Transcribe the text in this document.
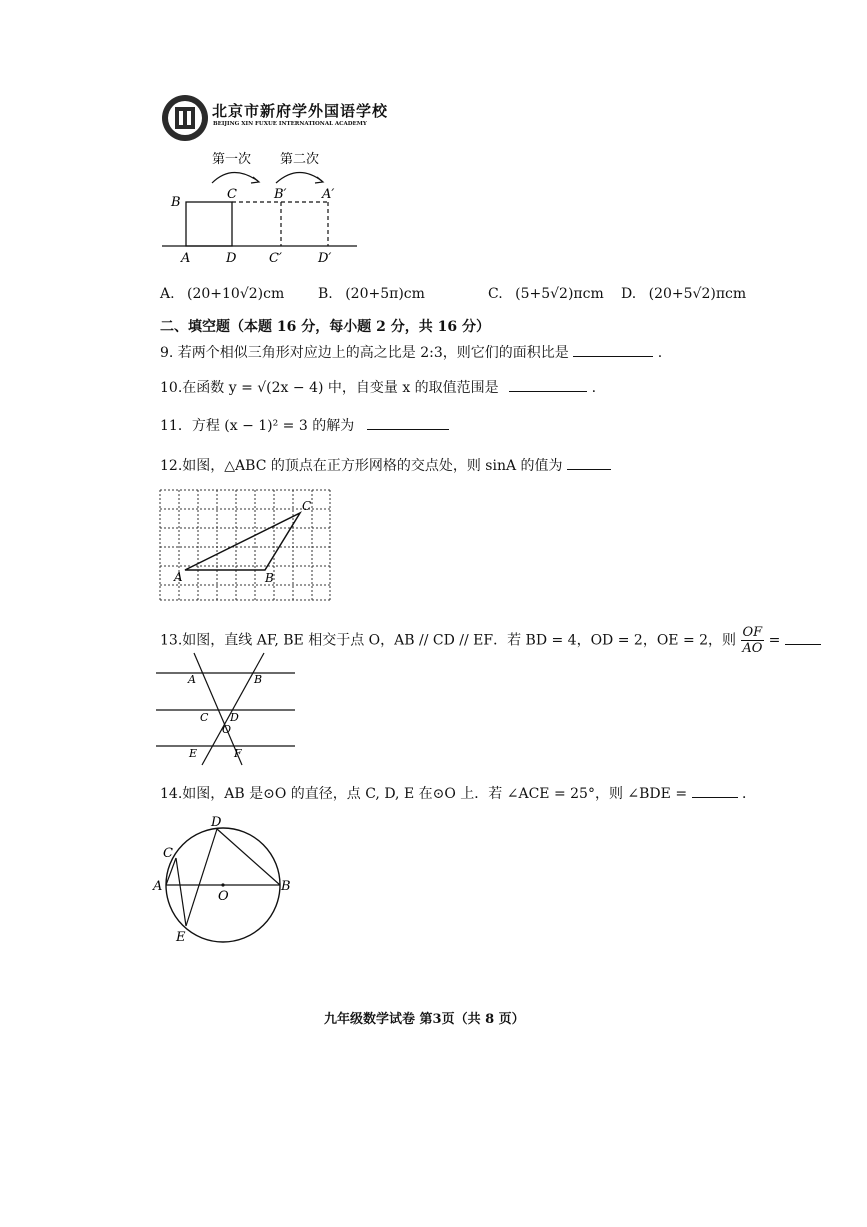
北京市新府学外国语学校
BEIJING XIN FUXUE INTERNATIONAL ACADEMY
第一次 第二次
B
C	B′	A′
A	D	C′	D′
A. (20+10√2)cm B. (20+5π)cm	C. (5+5√2)πcm D. (20+5√2)πcm
二、填空题（本题 16 分，每小题 2 分，共 16 分）
9. 若两个相似三角形对应边上的高之比是 2:3，则它们的面积比是	.
10.在函数 y = √(2x − 4) 中，自变量 x 的取值范围是	.
11．方程 (x − 1)² = 3 的解为
12.如图，△ABC 的顶点在正方形网格的交点处，则 sinA 的值为
A	B
C
13.如图，直线 AF, BE 相交于点 O，AB // CD // EF．若 BD = 4，OD = 2，OE = 2，则 $\frac{OF}{AO}$ =
A	B
C D
O
E	F
14.如图，AB 是⊙O 的直径，点 C, D, E 在⊙O 上．若 ∠ACE = 25°，则 ∠BDE =	．
D
C
A
O
B
E
九年级数学试卷 第3页（共 8 页）
